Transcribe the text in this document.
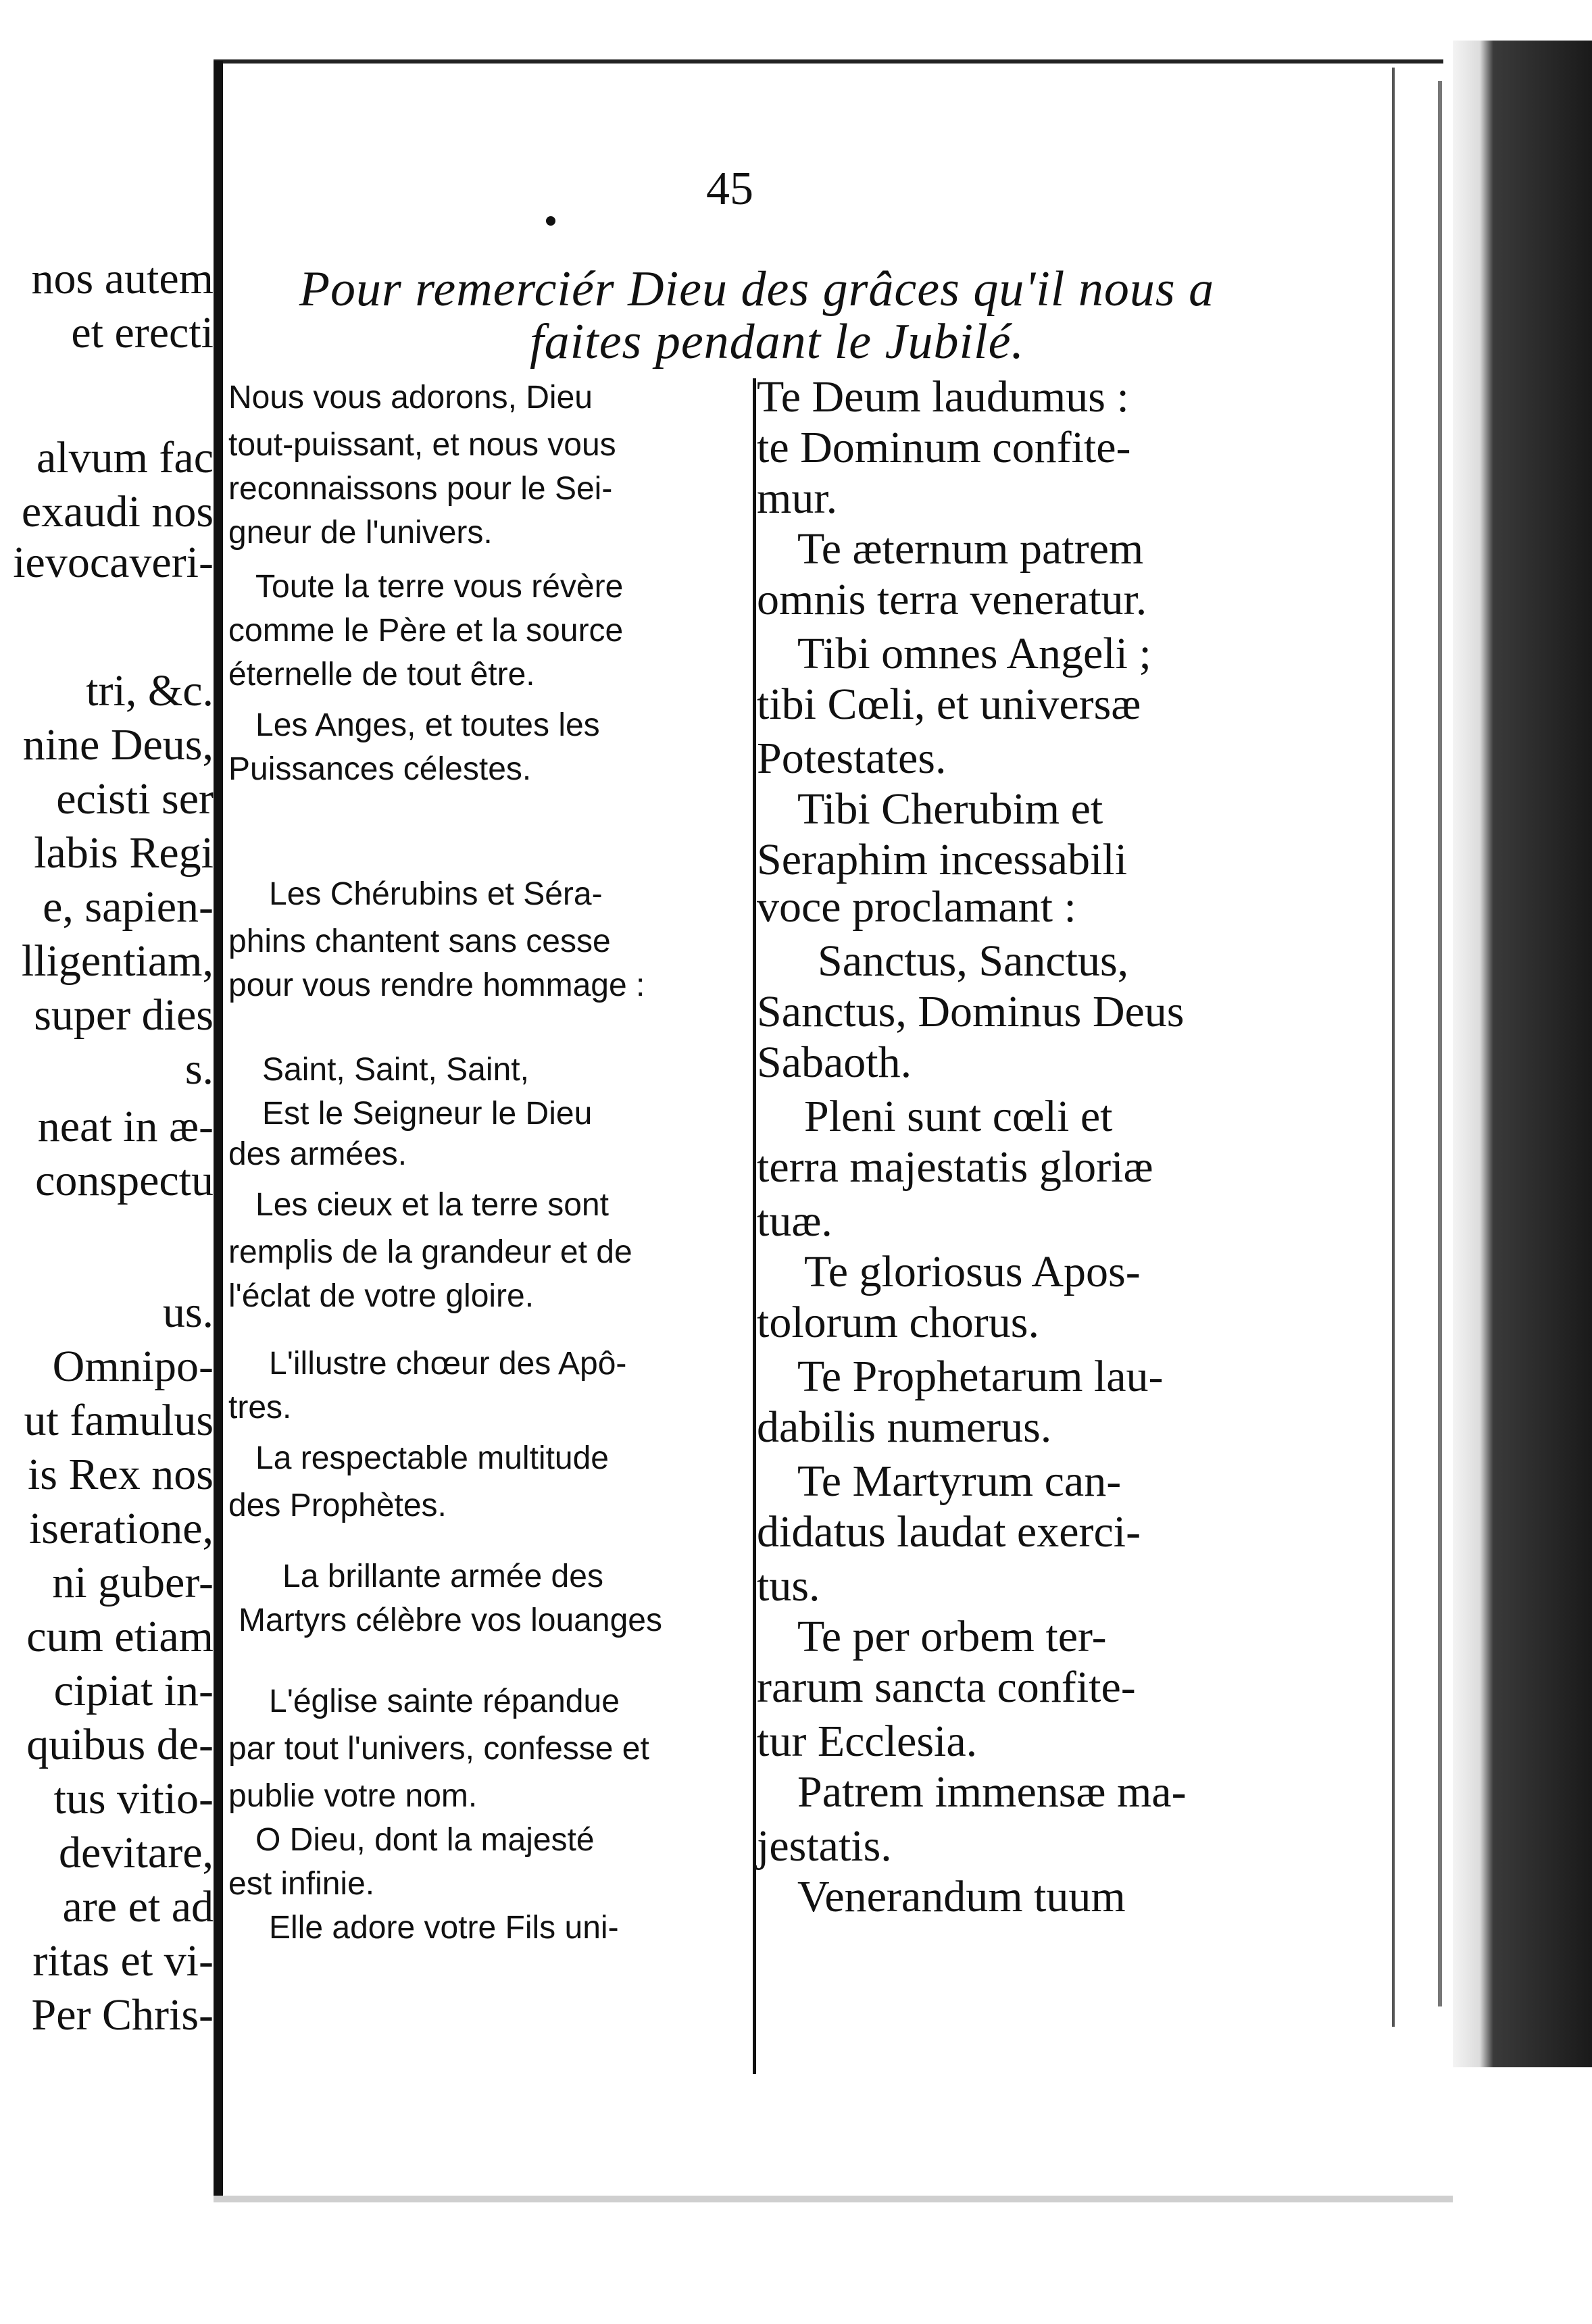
nos autem
et erecti
alvum fac
exaudi nos
ievocaveri-
tri, &c.
nine Deus,
ecisti ser
labis Regi
e, sapien-
lligentiam,
super dies
s.
neat in æ-
conspectu
us.
Omnipo-
ut famulus
is Rex nos
iseratione,
ni guber-
cum etiam
cipiat in-
quibus de-
tus vitio-
devitare,
are et ad
ritas et vi-
Per Chris-
45
Pour remerciér Dieu des grâces qu'il nous a
faites pendant le Jubilé.
Nous vous adorons, Dieu
tout-puissant, et nous vous
reconnaissons pour le Sei-
gneur de l'univers.
Toute la terre vous révère
comme le Père et la source
éternelle de tout être.
Les Anges, et toutes les
Puissances célestes.
Les Chérubins et Séra-
phins chantent sans cesse
pour vous rendre hommage :
Saint, Saint, Saint,
Est le Seigneur le Dieu
des armées.
Les cieux et la terre sont
remplis de la grandeur et de
l'éclat de votre gloire.
L'illustre chœur des Apô-
tres.
La respectable multitude
des Prophètes.
La brillante armée des
Martyrs célèbre vos louanges
L'église sainte répandue
par tout l'univers, confesse et
publie votre nom.
O Dieu, dont la majesté
est infinie.
Elle adore votre Fils uni-
Te Deum laudumus :
te Dominum confite-
mur.
Te æternum patrem
omnis terra veneratur.
Tibi omnes Angeli ;
tibi Cœli, et universæ
Potestates.
Tibi Cherubim et
Seraphim incessabili
voce proclamant :
Sanctus, Sanctus,
Sanctus, Dominus Deus
Sabaoth.
Pleni sunt cœli et
terra majestatis gloriæ
tuæ.
Te gloriosus Apos-
tolorum chorus.
Te Prophetarum lau-
dabilis numerus.
Te Martyrum can-
didatus laudat exerci-
tus.
Te per orbem ter-
rarum sancta confite-
tur Ecclesia.
Patrem immensæ ma-
jestatis.
Venerandum tuum
